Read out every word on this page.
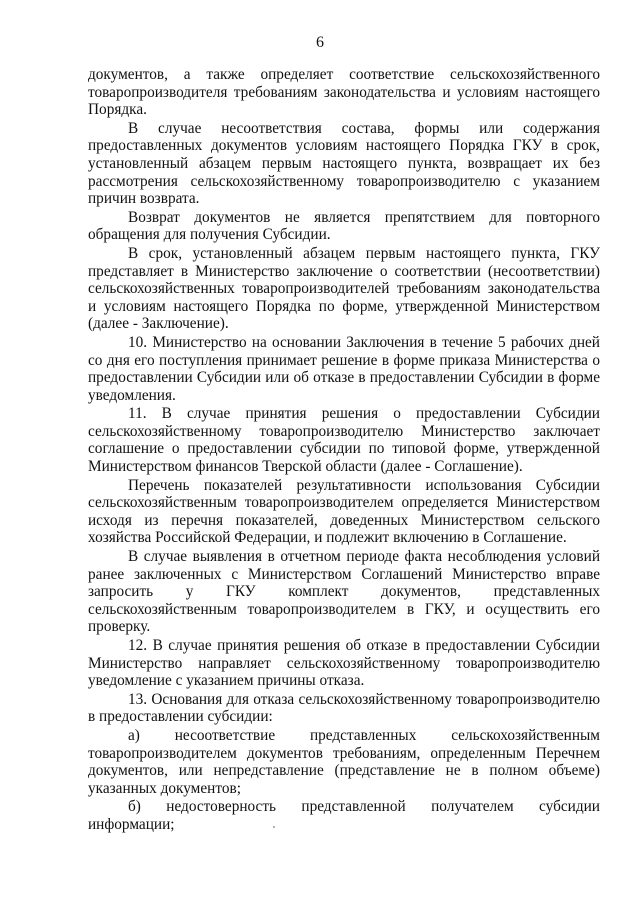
6

документов, а также определяет соответствие сельскохозяйственного товаропроизводителя требованиям законодательства и условиям настоящего Порядка.

В случае несоответствия состава, формы или содержания предоставленных документов условиям настоящего Порядка ГКУ в срок, установленный абзацем первым настоящего пункта, возвращает их без рассмотрения сельскохозяйственному товаропроизводителю с указанием причин возврата.

Возврат документов не является препятствием для повторного обращения для получения Субсидии.

В срок, установленный абзацем первым настоящего пункта, ГКУ представляет в Министерство заключение о соответствии (несоответствии) сельскохозяйственных товаропроизводителей требованиям законодательства и условиям настоящего Порядка по форме, утвержденной Министерством (далее - Заключение).

10. Министерство на основании Заключения в течение 5 рабочих дней со дня его поступления принимает решение в форме приказа Министерства о предоставлении Субсидии или об отказе в предоставлении Субсидии в форме уведомления.

11. В случае принятия решения о предоставлении Субсидии сельскохозяйственному товаропроизводителю Министерство заключает соглашение о предоставлении субсидии по типовой форме, утвержденной Министерством финансов Тверской области (далее - Соглашение).

Перечень показателей результативности использования Субсидии сельскохозяйственным товаропроизводителем определяется Министерством исходя из перечня показателей, доведенных Министерством сельского хозяйства Российской Федерации, и подлежит включению в Соглашение.

В случае выявления в отчетном периоде факта несоблюдения условий ранее заключенных с Министерством Соглашений Министерство вправе запросить у ГКУ комплект документов, представленных сельскохозяйственным товаропроизводителем в ГКУ, и осуществить его проверку.

12. В случае принятия решения об отказе в предоставлении Субсидии Министерство направляет сельскохозяйственному товаропроизводителю уведомление с указанием причины отказа.

13. Основания для отказа сельскохозяйственному товаропроизводителю в предоставлении субсидии:

а) несоответствие представленных сельскохозяйственным товаропроизводителем документов требованиям, определенным Перечнем документов, или непредставление (представление не в полном объеме) указанных документов;

б) недостоверность представленной получателем субсидии информации;
